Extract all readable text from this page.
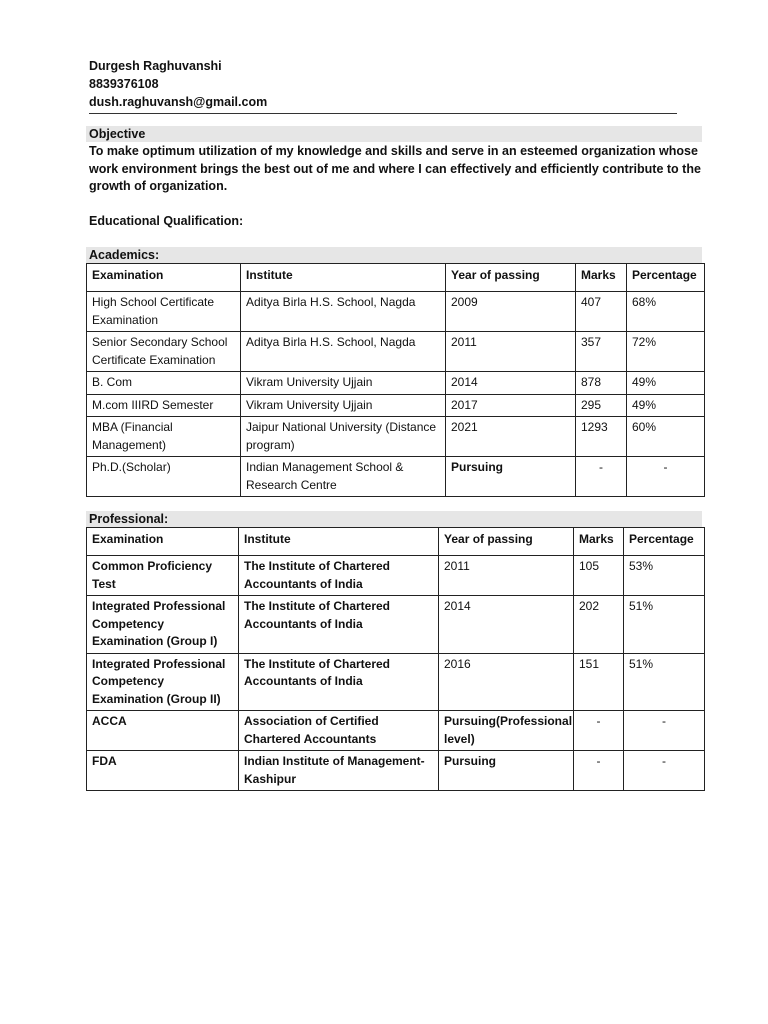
Durgesh Raghuvanshi
8839376108
dush.raghuvansh@gmail.com
Objective
To make optimum utilization of my knowledge and skills and serve in an esteemed organization whose work environment brings the best out of me and where I can effectively and efficiently contribute to the growth of organization.
Educational Qualification:
Academics:
Examination	Institute	Year of passing	Marks	Percentage
High School Certificate Examination	Aditya Birla H.S. School, Nagda	2009	407	68%
Senior Secondary School Certificate Examination	Aditya Birla H.S. School, Nagda	2011	357	72%
B. Com	Vikram University Ujjain	2014	878	49%
M.com IIIRD Semester	Vikram University Ujjain	2017	295	49%
MBA (Financial Management)	Jaipur National University (Distance program)	2021	1293	60%
Ph.D.(Scholar)	Indian Management School & Research Centre	Pursuing	-	-
Professional:
Examination	Institute	Year of passing	Marks	Percentage
Common Proficiency Test	The Institute of Chartered Accountants of India	2011	105	53%
Integrated Professional Competency Examination (Group I)	The Institute of Chartered Accountants of India	2014	202	51%
Integrated Professional Competency Examination (Group II)	The Institute of Chartered Accountants of India	2016	151	51%
ACCA	Association of Certified Chartered Accountants	Pursuing(Professional level)	-	-
FDA	Indian Institute of Management-Kashipur	Pursuing	-	-
